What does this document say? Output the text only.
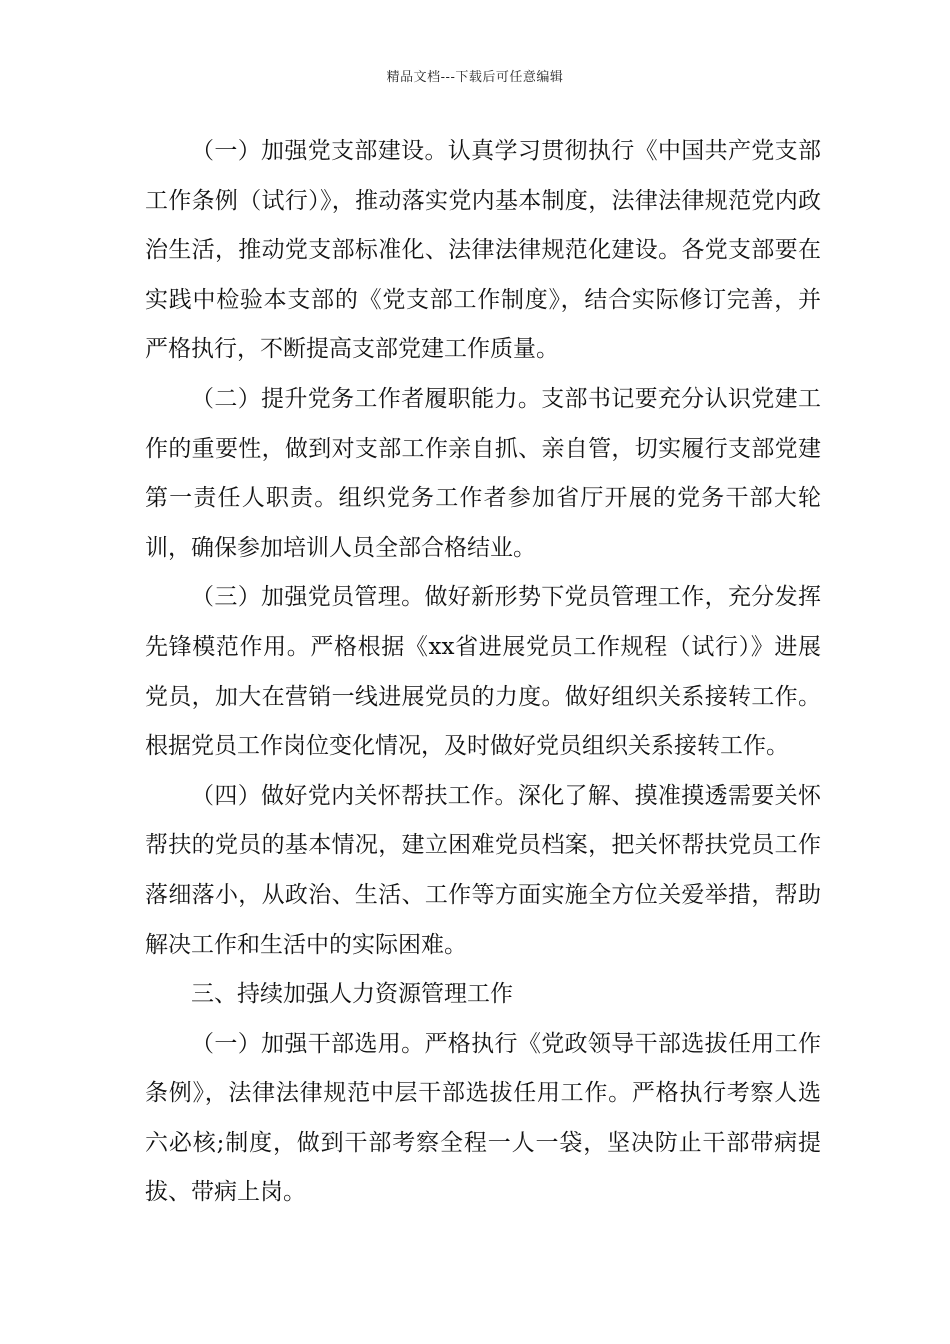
精品文档---下载后可任意编辑

（一）加强党支部建设。认真学习贯彻执行《中国共产党支部工作条例（试行）》，推动落实党内基本制度，法律法律规范党内政治生活，推动党支部标准化、法律法律规范化建设。各党支部要在实践中检验本支部的《党支部工作制度》，结合实际修订完善，并严格执行，不断提高支部党建工作质量。

（二）提升党务工作者履职能力。支部书记要充分认识党建工作的重要性，做到对支部工作亲自抓、亲自管，切实履行支部党建第一责任人职责。组织党务工作者参加省厅开展的党务干部大轮训，确保参加培训人员全部合格结业。

（三）加强党员管理。做好新形势下党员管理工作，充分发挥先锋模范作用。严格根据《xx省进展党员工作规程（试行）》进展党员，加大在营销一线进展党员的力度。做好组织关系接转工作。根据党员工作岗位变化情况，及时做好党员组织关系接转工作。

（四）做好党内关怀帮扶工作。深化了解、摸准摸透需要关怀帮扶的党员的基本情况，建立困难党员档案，把关怀帮扶党员工作落细落小，从政治、生活、工作等方面实施全方位关爱举措，帮助解决工作和生活中的实际困难。

三、持续加强人力资源管理工作

（一）加强干部选用。严格执行《党政领导干部选拔任用工作条例》，法律法律规范中层干部选拔任用工作。严格执行考察人选六必核;制度，做到干部考察全程一人一袋，坚决防止干部带病提拔、带病上岗。
